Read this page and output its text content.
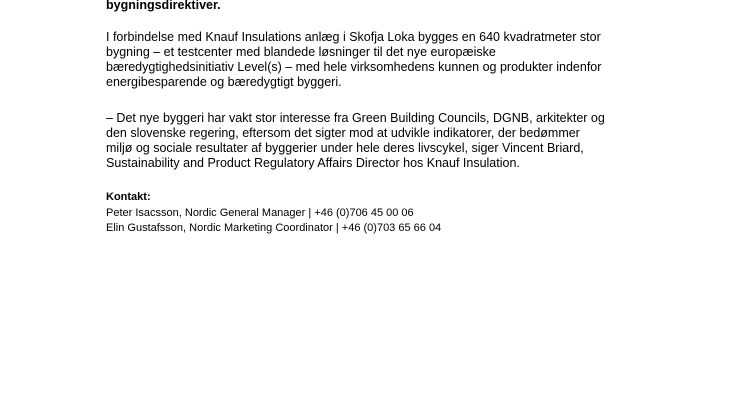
bygningsdirektiver.

I forbindelse med Knauf Insulations anlæg i Skofja Loka bygges en 640 kvadratmeter stor
bygning – et testcenter med blandede løsninger til det nye europæiske
bæredygtighedsinitiativ Level(s) – med hele virksomhedens kunnen og produkter indenfor
energibesparende og bæredygtigt byggeri.

– Det nye byggeri har vakt stor interesse fra Green Building Councils, DGNB, arkitekter og
den slovenske regering, eftersom det sigter mod at udvikle indikatorer, der bedømmer
miljø og sociale resultater af byggerier under hele deres livscykel, siger Vincent Briard,
Sustainability and Product Regulatory Affairs Director hos Knauf Insulation.

Kontakt:
Peter Isacsson, Nordic General Manager | +46 (0)706 45 00 06
Elin Gustafsson, Nordic Marketing Coordinator | +46 (0)703 65 66 04
